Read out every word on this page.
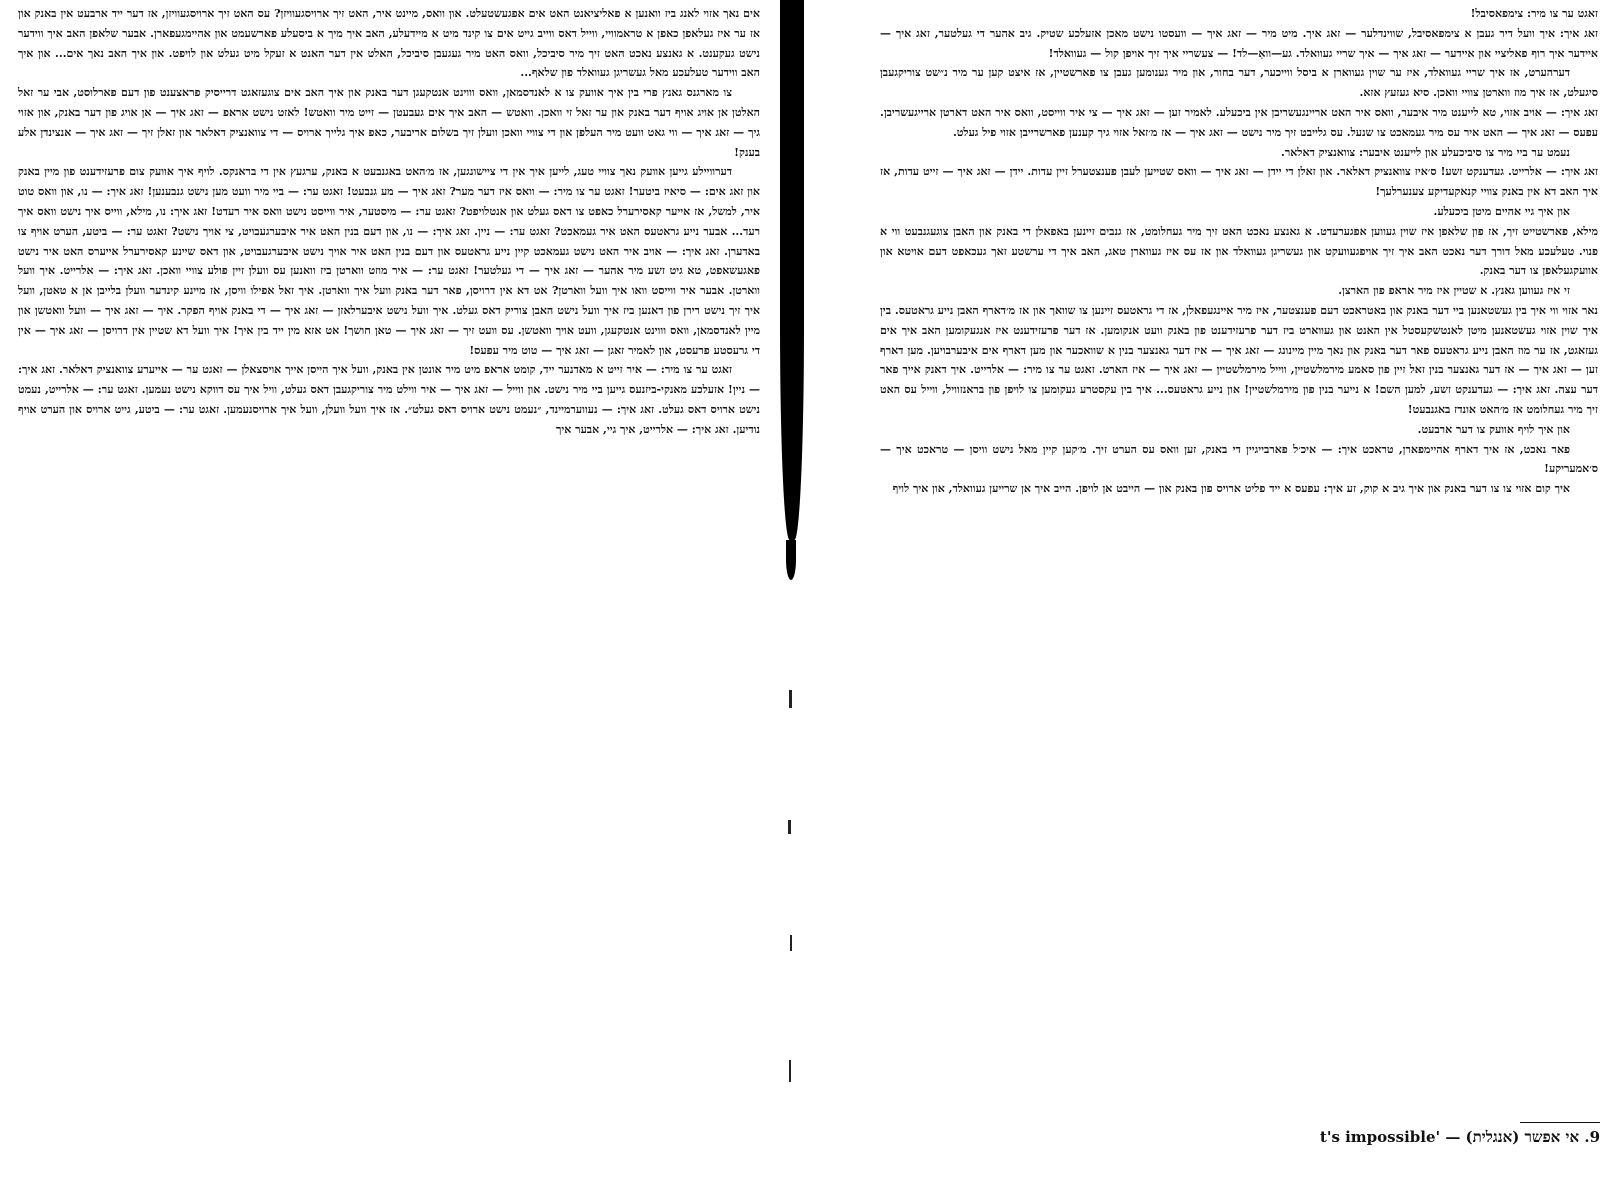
אים נאך אזוי לאנג ביז וואנען א פאליציאנט האט אים אפגעשטעלט. און וואס, מיינט איר, האט זיך ארויסגעוויזן? עס האט זיך ארויסגעוויזן, אז דער ייד ארבעט אין באנק און אז ער איז געלאפן כאפן א טראמוויי, ווייל דאס ווייב גייט אים צו קינד מיט א מיידעלע, האב איך מיך א ביסעלע פארשעמט און אהיימגעפארן. אבער שלאפן האב איך ווידער נישט געקענט. א גאנצע נאכט האט זיך מיר סיביכל, וואס האט מיר געגעבן סיביכל, האלט אין דער האנט א זעקל מיט געלט און לויפט. און איך האב נאך אים... און איך האב ווידער טעלעכע מאל געשריגן געוואלד פון שלאף...

צו מארגנס גאנץ פרי בין איך אוועק צו א לאנדסמאן, וואס וווינט אנטקעגן דער באנק און איך האב אים צוגעזאגט דרייסיק פראצענט פון דעם פארלוסט, אבי ער זאל האלטן אן אויג אויף דער באנק און ער זאל זי וואכן. וואטש — האב איך אים געבעטן — זייט מיר וואטש! לאזט נישט אראפ — זאג איך — אן אויג פון דער באנק, און אזוי גיך — זאג איך — ווי גאט וועט מיר העלפן און די צוויי וואכן וועלן זיך בשלום אריבער, כאפ איך גלייך ארויס — די צוואנציק דאלאר און זאלן זיך — זאג איך — אנצינדן אלע בענק!

דערוויילע גייען אוועק נאך צוויי טעג, לייען איך אין די ציישונגען, אז מ׳האט באגנבעט א באנק, ערגעץ אין די בראנקס. לויף איך אוועק צום פרעזידענט פון מיין באנק און זאג אים: — סיאיז ביטער! זאגט ער צו מיר: — וואס איז דער מער? זאג איך — מע גנבעט! זאגט ער: — ביי מיר וועט מען נישט גנבענען! זאג איך: — נו, און וואס טוט איר, למשל, אז אייער קאסירערל כאפט צו דאס געלט און אנטלויפט? זאגט ער: — מיסטער, איר ווייסט נישט וואס איר רעדט! זאג איך: נו, מילא, ווייס איך נישט וואס איך רעד... אבער נייע גראטעס האט איר געמאכט? זאגט ער: — ניין. זאג איך: — נו, און דעם בנין האט איר איבערגעבויט, צי אויך נישט? זאגט ער: — ביטע, הערט אויף צו באדערן. זאג איך: — אויב איר האט נישט געמאכט קיין נייע גראטעס און דעם בנין האט איר אויך נישט איבערגעבויט, און דאס שיינע קאסירערל אייערס האט איר נישט פאגעשאפט, טא גיט זשע מיר אהער — זאג איך — די געלטער! זאגט ער: — איר מוזט ווארטן ביז וואנען עס וועלן זיין פולע צוויי וואכן. זאג איך: — אלרייט. איך וועל ווארטן. אבער איר ווייסט וואו איך וועל ווארטן? אט דא אין דרויסן, פאר דער באנק וועל איך ווארטן. איך זאל אפילו וויסן, אז מיינע קינדער וועלן בלייבן אן א טאטן, וועל איך זיך נישט רירן פון דאנען ביז איך וועל נישט האבן צוריק דאס געלט. איך וועל נישט איבערלאזן — זאג איך — די באנק אויף הפקר. איך — זאג איך — וועל וואטשן און מיין לאנדסמאן, וואס וווינט אנטקעגן, וועט אויך וואטשן. עס וועט זיך — זאג איך — טאן חושך! אט אזא מין ייד בין איך! איך וועל דא שטיין אין דרויסן — זאג איך — אין די גרעסטע פרעסט, און לאמיר זאגן — זאג איך — טוט מיר עפעס!

זאגט ער צו מיר: — איר זייט א מאדנער ייד, קומט אראפ מיט מיר אונטן אין באנק, וועל איך הייסן אייך אויסצאלן — זאגט ער — אייערע צוואנציק דאלאר. זאג איך: — ניין! אזעלכע מאנקי-ביזנעס גייען ביי מיר נישט. און ווייל — זאג איך — איר ווילט מיר צוריקגעבן דאס געלט, וויל איך עס דווקא נישט נעמען. זאגט ער: — אלרייט, נעמט נישט ארויס דאס געלט. זאג איך: — נעווערמיינד, ״נעמט נישט ארויס דאס געלט״. אז איך וועל וועלן, וועל איך ארויסנעמען. זאגט ער: — ביטע, גייט ארויס און הערט אויף נודיען. זאג איך: — אלרייט, איך גיי, אבער איך

זאגט ער צו מיר: צימפאסיבל!

זאג איך: איך וועל דיר געבן א צימפאסיבל, שווינדלער — זאג איך. מיט מיר — זאג איך — וועסטו נישט מאכן אזעלכע שטיק. גיב אהער די געלטער, זאג איך — איידער איך רוף פאליציי און איידער — זאג איך — איך שריי געוואלד. גע—וואַ—לד! — צעשריי איך זיך אויפן קול — געוואלד!

דערהערט, אז איך שריי געוואלד, איז ער שוין געווארן א ביסל ווייכער, דער בחור, און מיר גענומען געבן צו פארשטיין, אז איצט קען ער מיר נ״שט צוריקגעבן סיגעלט, אז איך מוז ווארטן צוויי וואכן. סיא געזעץ אזא.

זאג איך: — אויב אזוי, טא לייענט מיר איבער, וואס איר האט אריינגעשריבן אין ביכעלע. לאמיר זען — זאג איך — צי איר ווייסט, וואס איר האט דארטן ארייגעשריבן. עפעס — זאג איך — האט איר עס מיר געמאכט צו שנעל. עס גלייבט זיך מיר נישט — זאג איך — אז מ׳זאל אזוי גיך קענען פארשרייבן אזוי פיל געלט.

נעמט ער ביי מיר צו סיביכעלע און לייענט איבער: צוואנציק דאלאר.

זאג איך: — אלרייט. געדענקט זשע! ס׳איז צוואנציק דאלאר. און זאלן די יידן — זאג איך — וואס שטייען לעבן פענצטערל זיין עדות. יידן — זאג איך — זייט עדות, אז איך האב דא אין באנק צוויי קנאקעדיקע צענערלעך!

און איך גיי אהיים מיטן ביכעלע.

מילא, פארשטייט זיך, אז פון שלאפן איז שוין געווען אפגערעדט. א גאנצע נאכט האט זיך מיר געחלומט, אז גנבים זיינען באפאלן די באנק און האבן צוגעגנבעט ווי א פנוי. טעלעכע מאל דורך דער נאכט האב איך זיך אויפגעוועקט און געשריגן געוואלד און אז עס איז געווארן טאג, האב איך די ערשטע זאך געכאפט דעם אויטא און אוועקגעלאפן צו דער באנק.

זי איז געווען גאנץ. א שטיין איז מיר אראפ פון הארצן.

נאר אזוי ווי איך בין געשטאנען ביי דער באנק און באטראכט דעם פענצטער, איז מיר איינגעפאלן, אז די גראטעס זיינען צו שוואך און אז מ׳דארף האבן נייע גראטעס. בין איך שוין אזוי געשטאנען מיטן לאנטשקעסטל אין האנט און געווארט ביז דער פרעזידענט פון באנק וועט אנקומען. אז דער פרעזידענט איז אנגעקומען האב איך אים געזאגט, אז ער מוז האבן נייע גראטעס פאר דער באנק און נאך מיין מיינונג — זאג איך — איז דער גאנצער בנין א שוואכער און מען דארף אים איבערבויען. מען דארף זען — זאג איך — אז דער גאנצער בנין זאל זיין פון סאמע מירמלשטיין, ווייל מירמלשטיין — זאג איך — איז הארט. זאגט ער צו מיר: — אלרייט. איך דאנק אייך פאר דער עצה. זאג איך: — געדענקט זשע, למען השם! א נייער בנין פון מירמלשטיין! און נייע גראטעס... איך בין עקסטרע געקומען צו לויפן פון בראנזוויל, ווייל עס האט זיך מיר געחלומט אז מ׳האט אונדז באגנבעט!

און איך לויף אוועק צו דער ארבעט.

פאר נאכט, אז איך דארף אהיימפארן, טראכט איך: — איכ׳ל פארבייגיין די באנק, זען וואס עס הערט זיך. מ׳קען קיין מאל נישט וויסן — טראכט איך — ס׳אמעריקע!

איך קום אזוי צו צו דער באנק און איך גיב א קוק, זע איך: עפעס א ייד פליט ארויס פון באנק און — הייבט אן לויפן. הייב איך אן שרייען געוואלד, און איך לויף

9. אי אפשר (אנגלית) — t's impossible'
